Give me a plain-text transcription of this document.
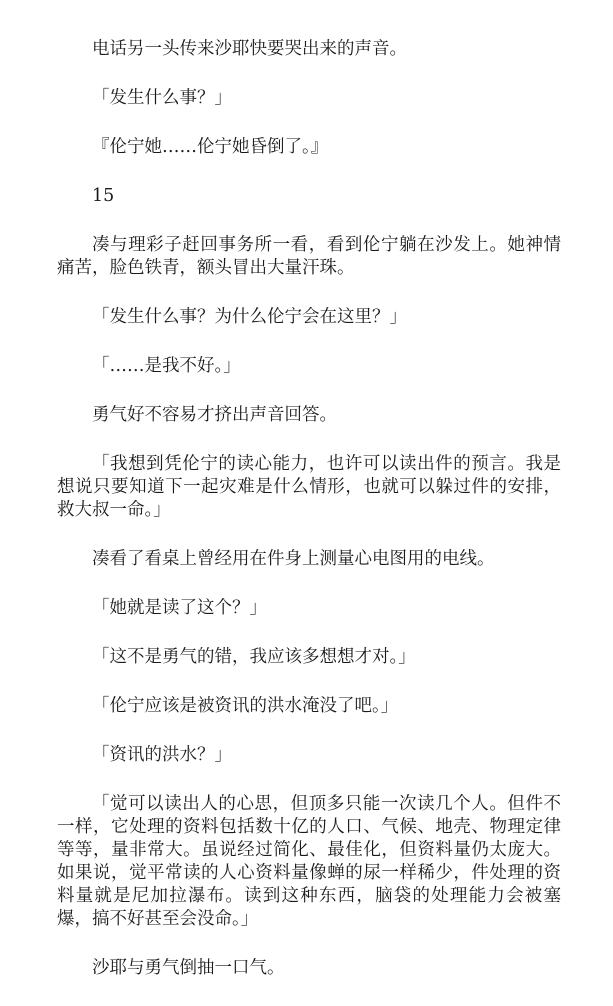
电话另一头传来沙耶快要哭出来的声音。

「发生什么事？」

『伦宁她……伦宁她昏倒了。』

15

凑与理彩子赶回事务所一看，看到伦宁躺在沙发上。她神情痛苦，脸色铁青，额头冒出大量汗珠。

「发生什么事？为什么伦宁会在这里？」

「……是我不好。」

勇气好不容易才挤出声音回答。

「我想到凭伦宁的读心能力，也许可以读出件的预言。我是想说只要知道下一起灾难是什么情形，也就可以躲过件的安排，救大叔一命。」

凑看了看桌上曾经用在件身上测量心电图用的电线。

「她就是读了这个？」

「这不是勇气的错，我应该多想想才对。」

「伦宁应该是被资讯的洪水淹没了吧。」

「资讯的洪水？」

「觉可以读出人的心思，但顶多只能一次读几个人。但件不一样，它处理的资料包括数十亿的人口、气候、地壳、物理定律等等，量非常大。虽说经过简化、最佳化，但资料量仍太庞大。如果说，觉平常读的人心资料量像蝉的尿一样稀少，件处理的资料量就是尼加拉瀑布。读到这种东西，脑袋的处理能力会被塞爆，搞不好甚至会没命。」

沙耶与勇气倒抽一口气。
